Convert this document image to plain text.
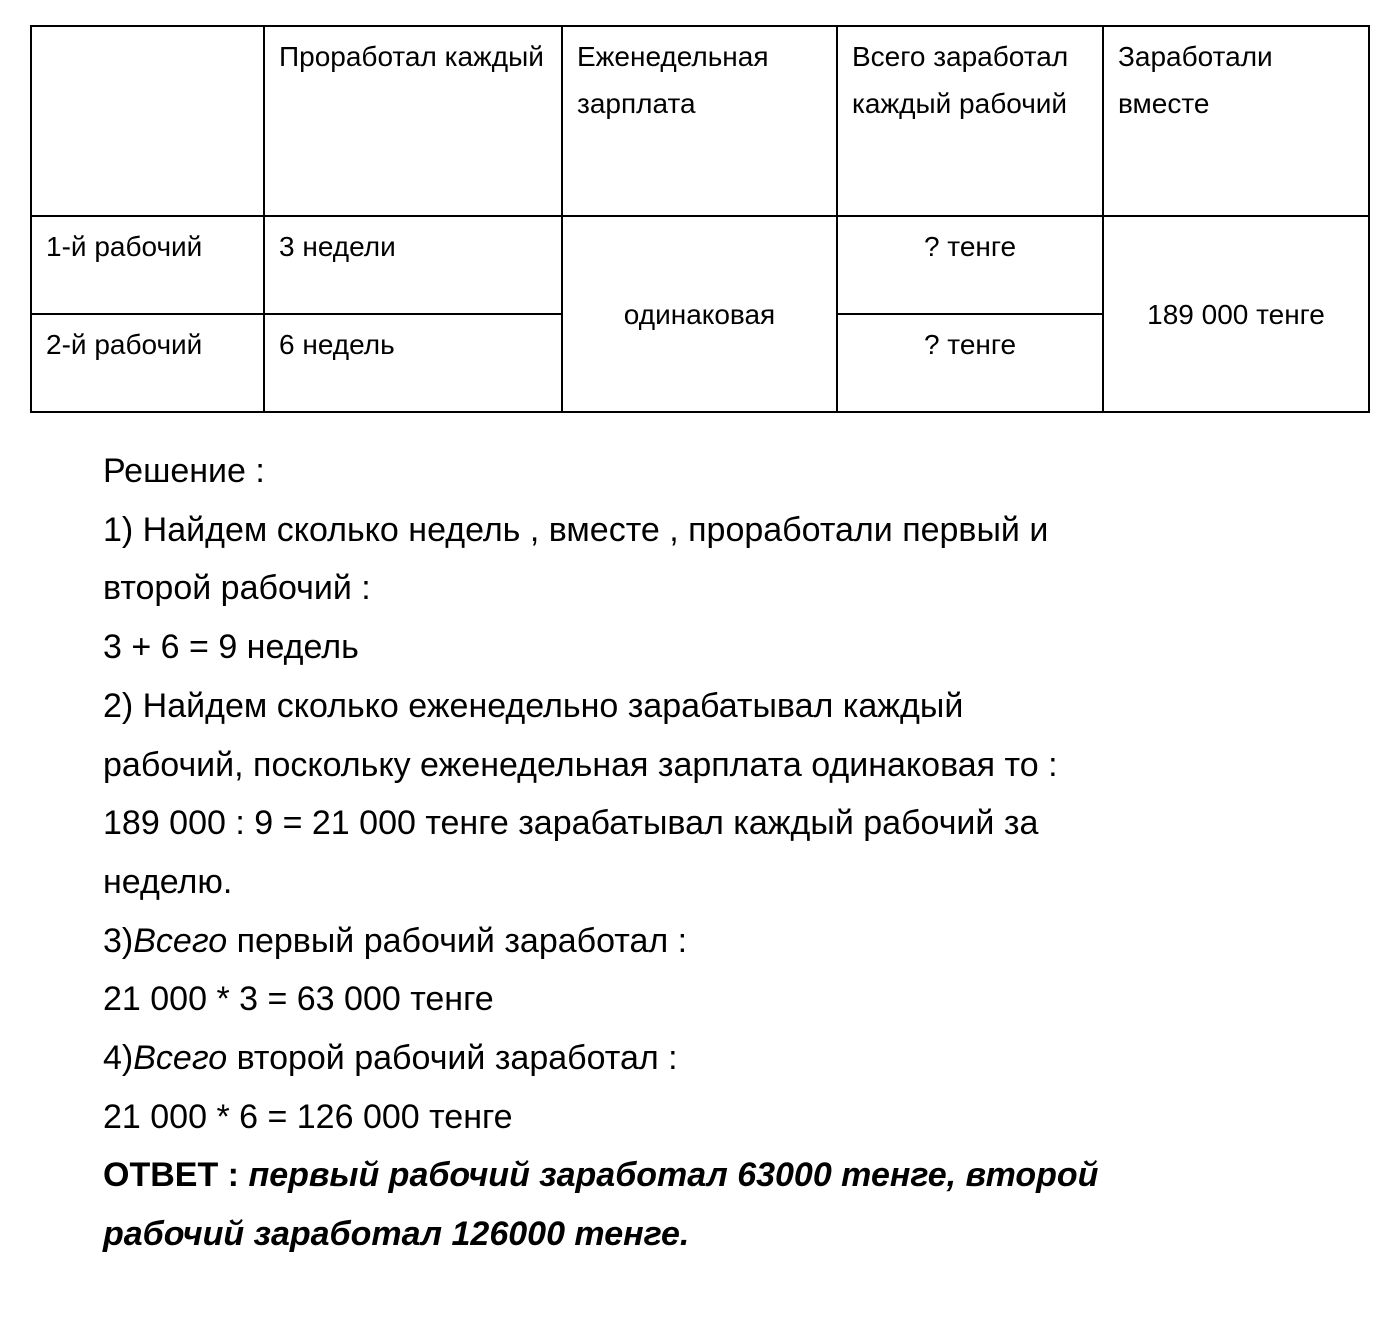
	Проработал каждый	Еженедельная зарплата	Всего заработал каждый рабочий	Заработали вместе
1-й рабочий	3 недели	одинаковая	? тенге	189 000 тенге
2-й рабочий	6 недель		? тенге	
Решение :
1) Найдем сколько недель , вместе , проработали первый и
второй рабочий :
3 + 6 = 9 недель
2) Найдем сколько еженедельно зарабатывал каждый
рабочий, поскольку еженедельная зарплата одинаковая то :
189 000 : 9 = 21 000 тенге зарабатывал каждый рабочий за
неделю.
3)Всего первый рабочий заработал :
21 000 * 3 = 63 000 тенге
4)Всего второй рабочий заработал :
21 000 * 6 = 126 000 тенге
ОТВЕТ : первый рабочий заработал 63000 тенге, второй
рабочий заработал 126000 тенге.
